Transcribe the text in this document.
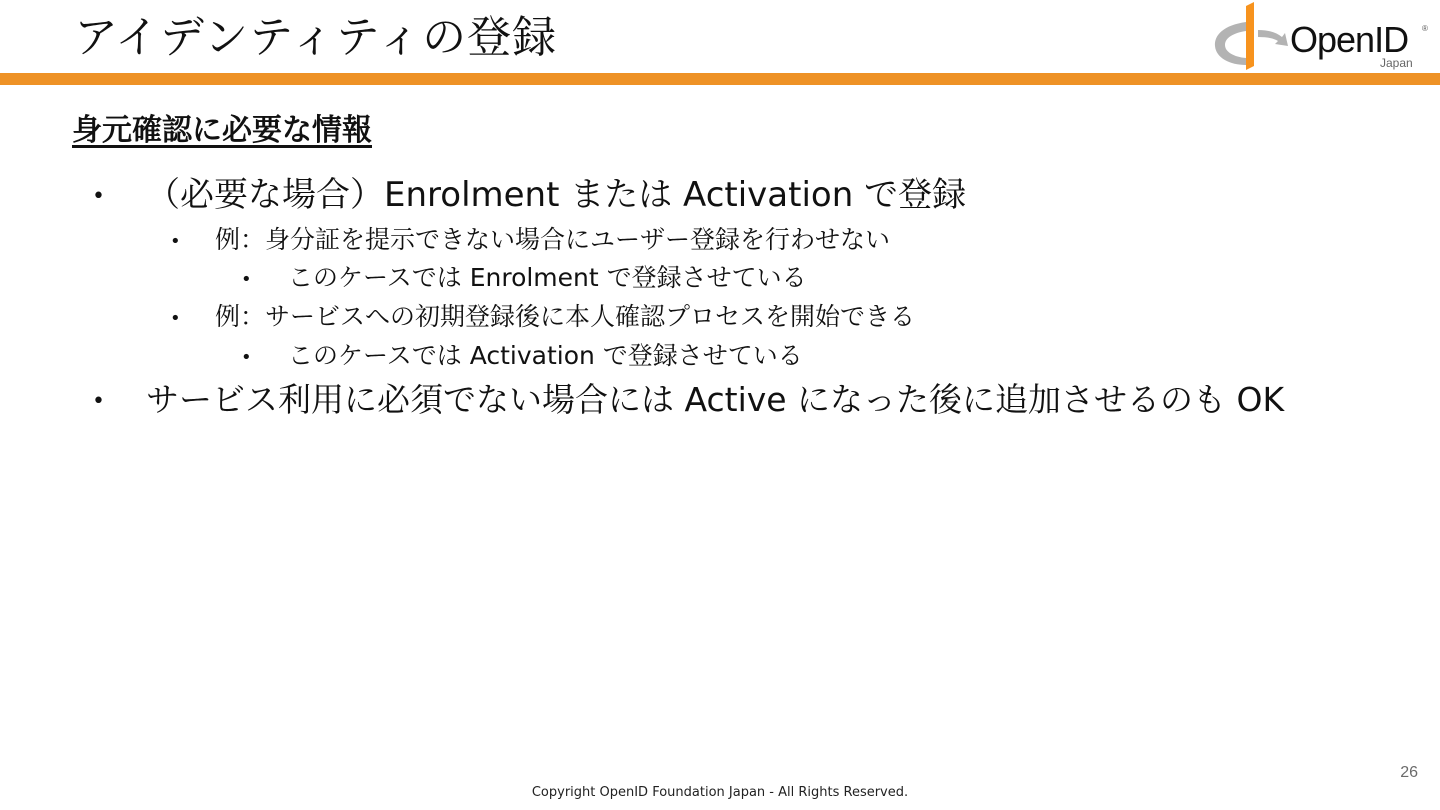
アイデンティティの登録	OpenID ®
Japan
身元確認に必要な情報
• （必要な場合）Enrolment または Activation で登録
• 例：身分証を提示できない場合にユーザー登録を行わせない
• このケースでは Enrolment で登録させている
• 例：サービスへの初期登録後に本人確認プロセスを開始できる
• このケースでは Activation で登録させている
• サービス利用に必須でない場合には Active になった後に追加させるのも OK
26
Copyright OpenID Foundation Japan - All Rights Reserved.
